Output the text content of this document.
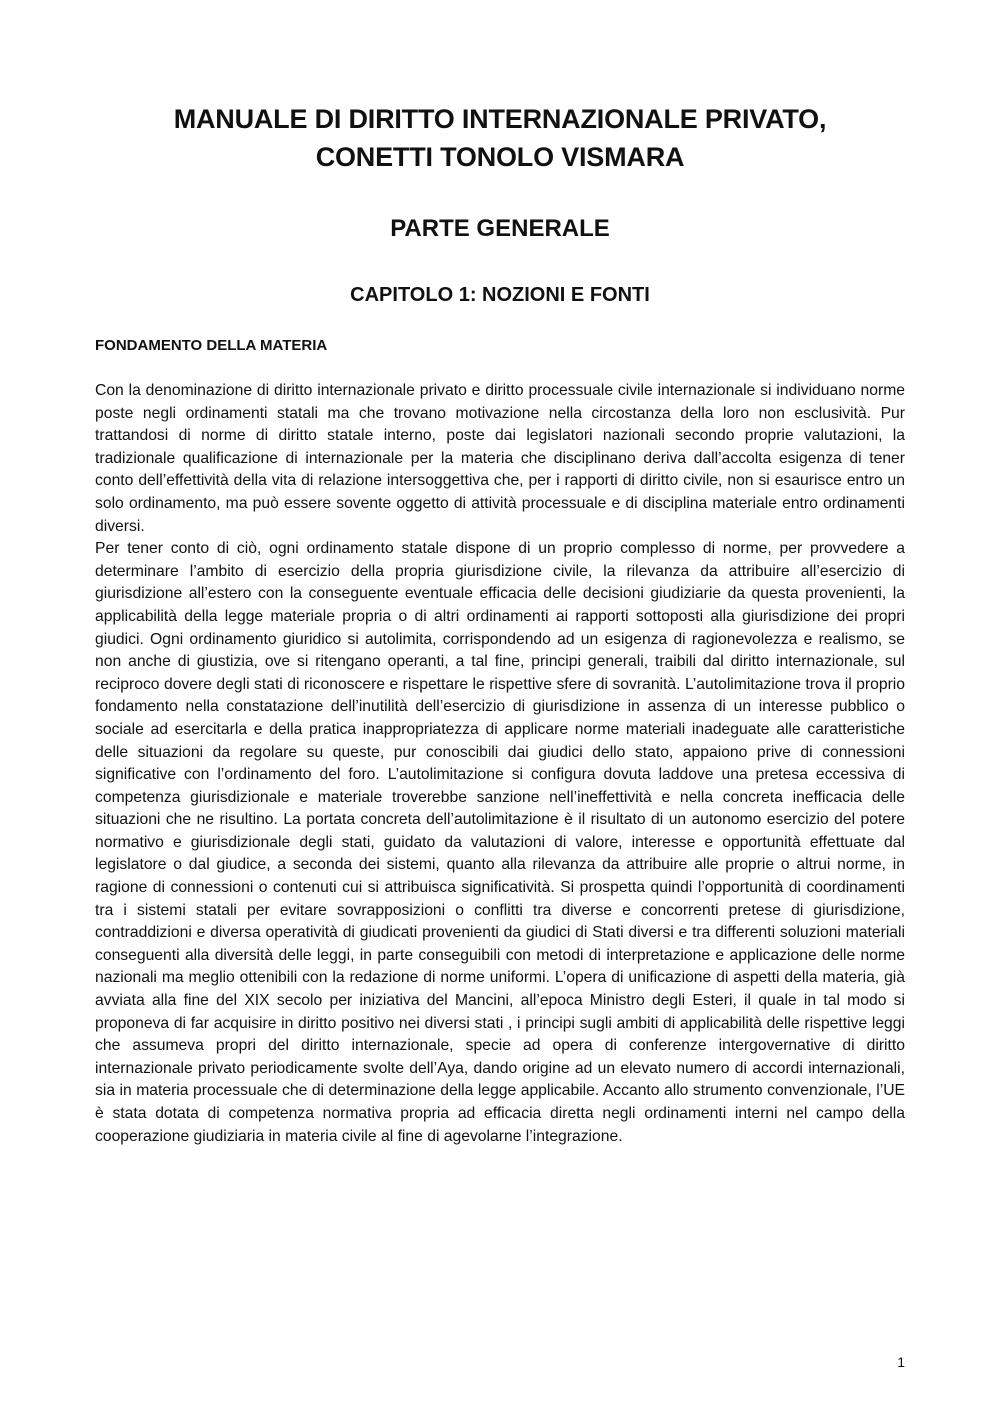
MANUALE DI DIRITTO INTERNAZIONALE PRIVATO,
CONETTI TONOLO VISMARA
PARTE GENERALE
CAPITOLO 1: NOZIONI E FONTI
FONDAMENTO DELLA MATERIA

Con la denominazione di diritto internazionale privato e diritto processuale civile internazionale si individuano norme poste negli ordinamenti statali ma che trovano motivazione nella circostanza della loro non esclusività. Pur trattandosi di norme di diritto statale interno, poste dai legislatori nazionali secondo proprie valutazioni, la tradizionale qualificazione di internazionale per la materia che disciplinano deriva dall’accolta esigenza di tener conto dell’effettività della vita di relazione intersoggettiva che, per i rapporti di diritto civile, non si esaurisce entro un solo ordinamento, ma può essere sovente oggetto di attività processuale e di disciplina materiale entro ordinamenti diversi.

Per tener conto di ciò, ogni ordinamento statale dispone di un proprio complesso di norme, per provvedere a determinare l’ambito di esercizio della propria giurisdizione civile, la rilevanza da attribuire all’esercizio di giurisdizione all’estero con la conseguente eventuale efficacia delle decisioni giudiziarie da questa provenienti, la applicabilità della legge materiale propria o di altri ordinamenti ai rapporti sottoposti alla giurisdizione dei propri giudici. Ogni ordinamento giuridico si autolimita, corrispondendo ad un esigenza di ragionevolezza e realismo, se non anche di giustizia, ove si ritengano operanti, a tal fine, principi generali, traibili dal diritto internazionale, sul reciproco dovere degli stati di riconoscere e rispettare le rispettive sfere di sovranità. L’autolimitazione trova il proprio fondamento nella constatazione dell’inutilità dell’esercizio di giurisdizione in assenza di un interesse pubblico o sociale ad esercitarla e della pratica inappropriatezza di applicare norme materiali inadeguate alle caratteristiche delle situazioni da regolare su queste, pur conoscibili dai giudici dello stato, appaiono prive di connessioni significative con l’ordinamento del foro. L’autolimitazione si configura dovuta laddove una pretesa eccessiva di competenza giurisdizionale e materiale troverebbe sanzione nell’ineffettività e nella concreta inefficacia delle situazioni che ne risultino. La portata concreta dell’autolimitazione è il risultato di un autonomo esercizio del potere normativo e giurisdizionale degli stati, guidato da valutazioni di valore, interesse e opportunità effettuate dal legislatore o dal giudice, a seconda dei sistemi, quanto alla rilevanza da attribuire alle proprie o altrui norme, in ragione di connessioni o contenuti cui si attribuisca significatività. Si prospetta quindi l’opportunità di coordinamenti tra i sistemi statali per evitare sovrapposizioni o conflitti tra diverse e concorrenti pretese di giurisdizione, contraddizioni e diversa operatività di giudicati provenienti da giudici di Stati diversi e tra differenti soluzioni materiali conseguenti alla diversità delle leggi, in parte conseguibili con metodi di interpretazione e applicazione delle norme nazionali ma meglio ottenibili con la redazione di norme uniformi. L’opera di unificazione di aspetti della materia, già avviata alla fine del XIX secolo per iniziativa del Mancini, all’epoca Ministro degli Esteri, il quale in tal modo si proponeva di far acquisire in diritto positivo nei diversi stati , i principi sugli ambiti di applicabilità delle rispettive leggi che assumeva propri del diritto internazionale, specie ad opera di conferenze intergovernative di diritto internazionale privato periodicamente svolte dell’Aya, dando origine ad un elevato numero di accordi internazionali, sia in materia processuale che di determinazione della legge applicabile. Accanto allo strumento convenzionale, l’UE è stata dotata di competenza normativa propria ad efficacia diretta negli ordinamenti interni nel campo della cooperazione giudiziaria in materia civile al fine di agevolarne l’integrazione.

1
